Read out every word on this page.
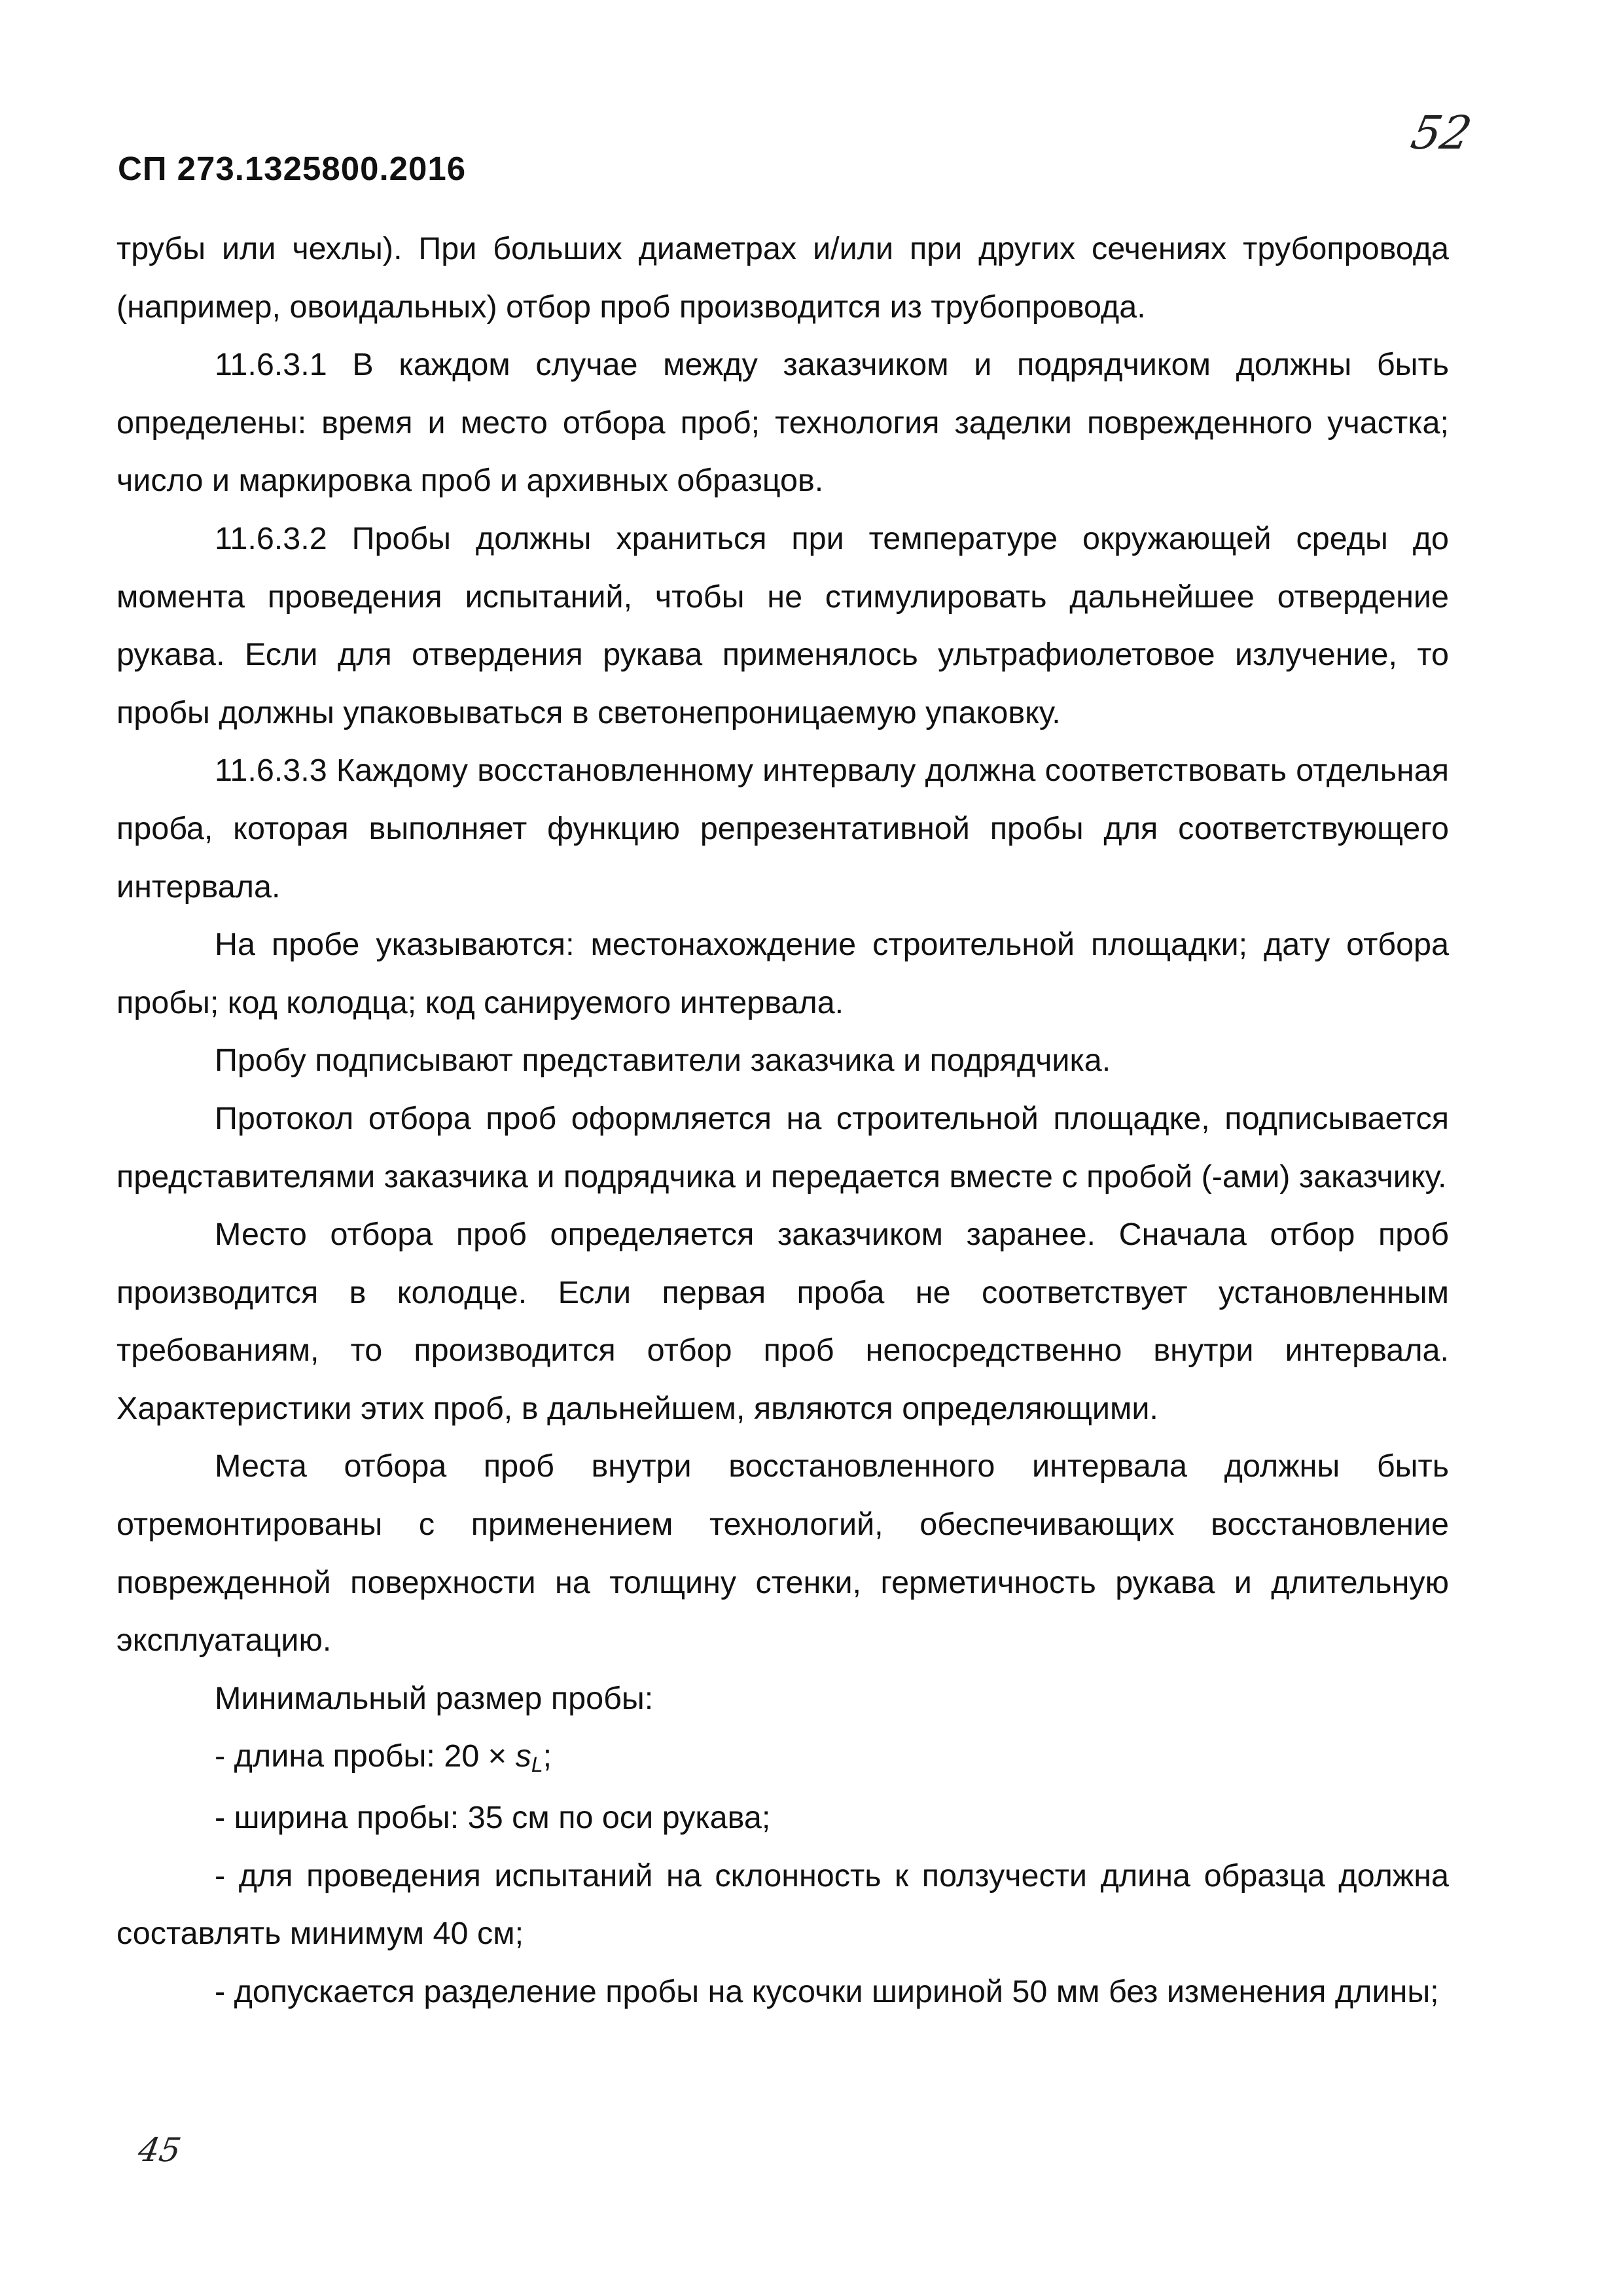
СП 273.1325800.2016
52

трубы или чехлы). При больших диаметрах и/или при других сечениях трубопровода (например, овоидальных) отбор проб производится из трубопровода.

11.6.3.1 В каждом случае между заказчиком и подрядчиком должны быть определены: время и место отбора проб; технология заделки поврежденного участка; число и маркировка проб и архивных образцов.

11.6.3.2 Пробы должны храниться при температуре окружающей среды до момента проведения испытаний, чтобы не стимулировать дальнейшее отвердение рукава. Если для отвердения рукава применялось ультрафиолетовое излучение, то пробы должны упаковываться в светонепроницаемую упаковку.

11.6.3.3 Каждому восстановленному интервалу должна соответствовать отдельная проба, которая выполняет функцию репрезентативной пробы для соответствующего интервала.

На пробе указываются: местонахождение строительной площадки; дату отбора пробы; код колодца; код санируемого интервала.

Пробу подписывают представители заказчика и подрядчика.

Протокол отбора проб оформляется на строительной площадке, подписывается представителями заказчика и подрядчика и передается вместе с пробой (-ами) заказчику.

Место отбора проб определяется заказчиком заранее. Сначала отбор проб производится в колодце. Если первая проба не соответствует установленным требованиям, то производится отбор проб непосредственно внутри интервала. Характеристики этих проб, в дальнейшем, являются определяющими.

Места отбора проб внутри восстановленного интервала должны быть отремонтированы с применением технологий, обеспечивающих восстановление поврежденной поверхности на толщину стенки, герметичность рукава и длительную эксплуатацию.

Минимальный размер пробы:

- длина пробы: 20 × sL;

- ширина пробы: 35 см по оси рукава;

- для проведения испытаний на склонность к ползучести длина образца должна составлять минимум 40 см;

- допускается разделение пробы на кусочки шириной 50 мм без изменения длины;

45
